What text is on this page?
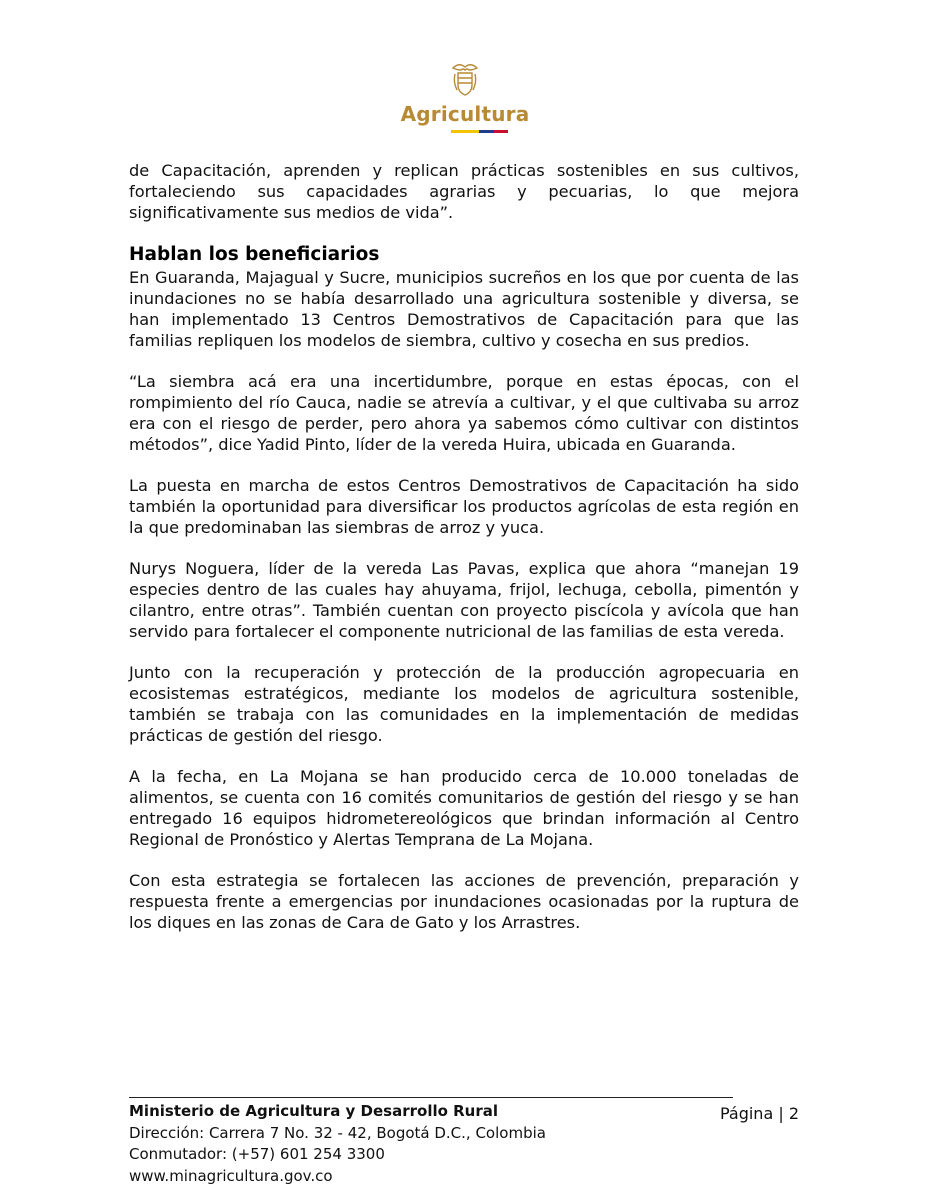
Agricultura

de Capacitación, aprenden y replican prácticas sostenibles en sus cultivos, fortaleciendo sus capacidades agrarias y pecuarias, lo que mejora significativamente sus medios de vida”.

Hablan los beneficiarios

En Guaranda, Majagual y Sucre, municipios sucreños en los que por cuenta de las inundaciones no se había desarrollado una agricultura sostenible y diversa, se han implementado 13 Centros Demostrativos de Capacitación para que las familias repliquen los modelos de siembra, cultivo y cosecha en sus predios.

“La siembra acá era una incertidumbre, porque en estas épocas, con el rompimiento del río Cauca, nadie se atrevía a cultivar, y el que cultivaba su arroz era con el riesgo de perder, pero ahora ya sabemos cómo cultivar con distintos métodos”, dice Yadid Pinto, líder de la vereda Huira, ubicada en Guaranda.

La puesta en marcha de estos Centros Demostrativos de Capacitación ha sido también la oportunidad para diversificar los productos agrícolas de esta región en la que predominaban las siembras de arroz y yuca.

Nurys Noguera, líder de la vereda Las Pavas, explica que ahora “manejan 19 especies dentro de las cuales hay ahuyama, frijol, lechuga, cebolla, pimentón y cilantro, entre otras”. También cuentan con proyecto piscícola y avícola que han servido para fortalecer el componente nutricional de las familias de esta vereda.

Junto con la recuperación y protección de la producción agropecuaria en ecosistemas estratégicos, mediante los modelos de agricultura sostenible, también se trabaja con las comunidades en la implementación de medidas prácticas de gestión del riesgo.

A la fecha, en La Mojana se han producido cerca de 10.000 toneladas de alimentos, se cuenta con 16 comités comunitarios de gestión del riesgo y se han entregado 16 equipos hidrometereológicos que brindan información al Centro Regional de Pronóstico y Alertas Temprana de La Mojana.

Con esta estrategia se fortalecen las acciones de prevención, preparación y respuesta frente a emergencias por inundaciones ocasionadas por la ruptura de los diques en las zonas de Cara de Gato y los Arrastres.

Ministerio de Agricultura y Desarrollo Rural
Dirección: Carrera 7 No. 32 - 42, Bogotá D.C., Colombia
Conmutador: (+57) 601 254 3300
www.minagricultura.gov.co
Página | 2
